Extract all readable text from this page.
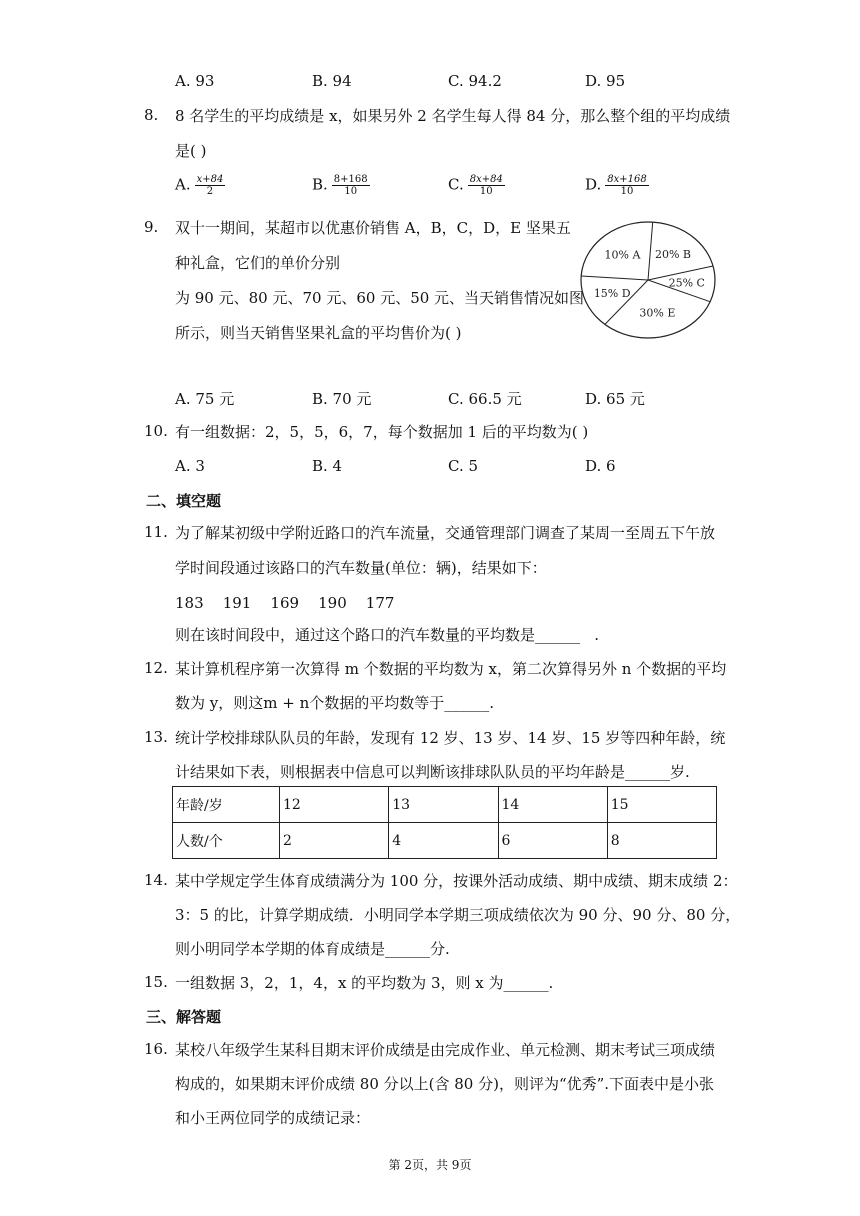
A. 93	B. 94	C. 94.2	D. 95
8. 8 名学生的平均成绩是 x，如果另外 2 名学生每人得 84 分，那么整个组的平均成绩
是( )
A. $\frac{x+84}{2}$	B. $\frac{8+168}{10}$	C. $\frac{8x+84}{10}$	D. $\frac{8x+168}{10}$
9. 双十一期间，某超市以优惠价销售 A，B，C，D，E 坚果五
种礼盒，它们的单价分别
为 90 元、80 元、70 元、60 元、50 元、当天销售情况如图
所示，则当天销售坚果礼盒的平均售价为( )
25% C
20% B
10% A
15% D
30% E
A. 75 元	B. 70 元	C. 66.5 元	D. 65 元
10. 有一组数据：2，5，5，6，7，每个数据加 1 后的平均数为( )
A. 3	B. 4	C. 5	D. 6
二、填空题
11. 为了解某初级中学附近路口的汽车流量，交通管理部门调查了某周一至周五下午放
学时间段通过该路口的汽车数量(单位：辆)，结果如下：
183    191    169    190    177
则在该时间段中，通过这个路口的汽车数量的平均数是______   .
12. 某计算机程序第一次算得 m 个数据的平均数为 x，第二次算得另外 n 个数据的平均
数为 y，则这m + n个数据的平均数等于______.
13. 统计学校排球队队员的年龄，发现有 12 岁、13 岁、14 岁、15 岁等四种年龄，统
计结果如下表，则根据表中信息可以判断该排球队队员的平均年龄是______岁.
年龄/岁	12	13	14	15
人数/个	2	4	6	8
14. 某中学规定学生体育成绩满分为 100 分，按课外活动成绩、期中成绩、期末成绩 2：
3：5 的比，计算学期成绩．小明同学本学期三项成绩依次为 90 分、90 分、80 分，
则小明同学本学期的体育成绩是______分.
15. 一组数据 3，2，1，4，x 的平均数为 3，则 x 为______.
三、解答题
16. 某校八年级学生某科目期末评价成绩是由完成作业、单元检测、期末考试三项成绩
构成的，如果期末评价成绩 80 分以上(含 80 分)，则评为“优秀”.下面表中是小张
和小王两位同学的成绩记录：
第 2页，共 9页
